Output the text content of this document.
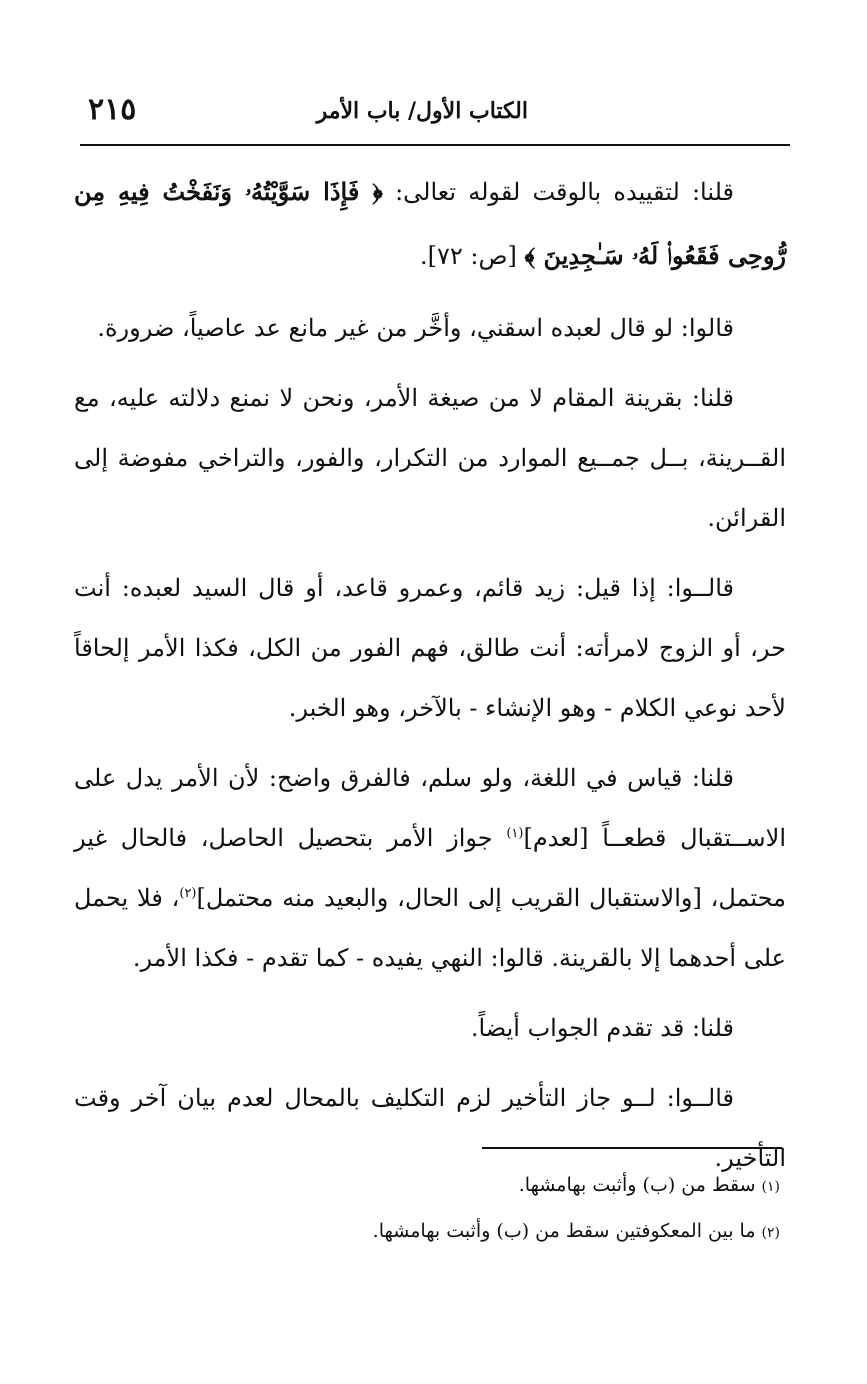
٢١٥	الكتاب الأول/ باب الأمر

قلنا: لتقييده بالوقت لقوله تعالى: ﴿ فَإِذَا سَوَّيْتُهُۥ وَنَفَخْتُ فِيهِ مِن رُّوحِى فَقَعُوا۟ لَهُۥ سَـٰجِدِينَ ﴾ [ص: ٧٢].

قالوا: لو قال لعبده اسقني، وأخَّر من غير مانع عد عاصياً، ضرورة.

قلنا: بقرينة المقام لا من صيغة الأمر، ونحن لا نمنع دلالته عليه، مع القــرينة، بــل جمــيع الموارد من التكرار، والفور، والتراخي مفوضة إلى القرائن.

قالــوا: إذا قيل: زيد قائم، وعمرو قاعد، أو قال السيد لعبده: أنت حر، أو الزوج لامرأته: أنت طالق، فهم الفور من الكل، فكذا الأمر إلحاقاً لأحد نوعي الكلام - وهو الإنشاء - بالآخر، وهو الخبر.

قلنا: قياس في اللغة، ولو سلم، فالفرق واضح: لأن الأمر يدل على الاســتقبال قطعــاً [لعدم]$^{(١)}$ جواز الأمر بتحصيل الحاصل، فالحال غير محتمل، [والاستقبال القريب إلى الحال، والبعيد منه محتمل]$^{(٢)}$، فلا يحمل على أحدهما إلا بالقرينة. قالوا: النهي يفيده - كما تقدم - فكذا الأمر.

قلنا: قد تقدم الجواب أيضاً.

قالــوا: لــو جاز التأخير لزم التكليف بالمحال لعدم بيان آخر وقت التأخير.

(١)سقط من (ب) وأثبت بهامشها.

(٢)ما بين المعكوفتين سقط من (ب) وأثبت بهامشها.
